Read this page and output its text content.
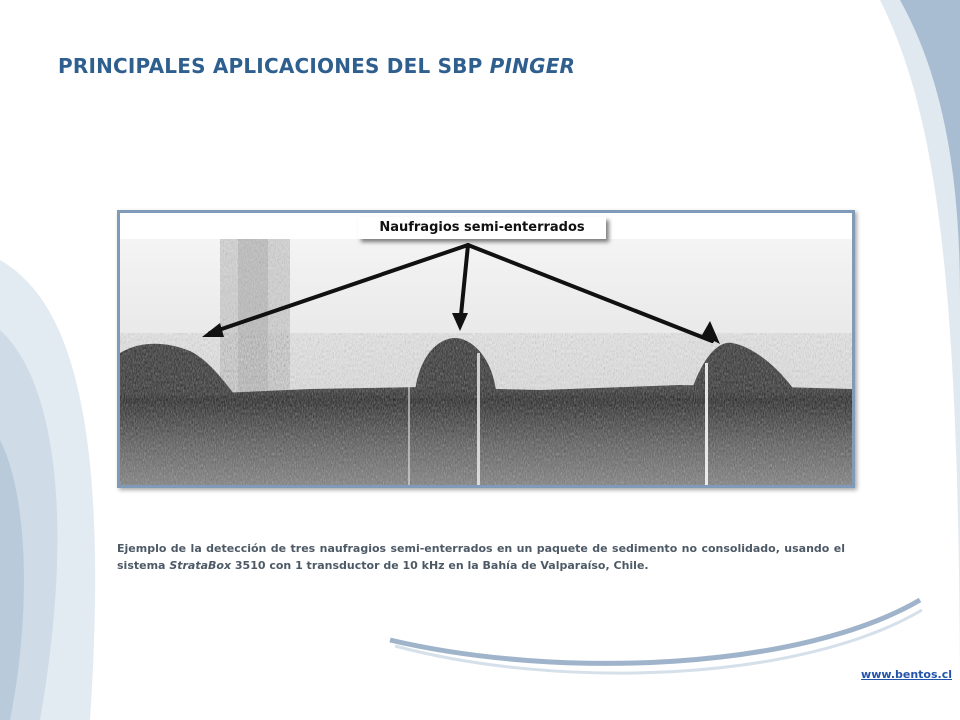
PRINCIPALES APLICACIONES DEL SBP PINGER
Naufragios semi-enterrados

Ejemplo de la detección de tres naufragios semi-enterrados en un paquete de sedimento no consolidado, usando el sistema StrataBox 3510 con 1 transductor de 10 kHz en la Bahía de Valparaíso, Chile.

www.bentos.cl
